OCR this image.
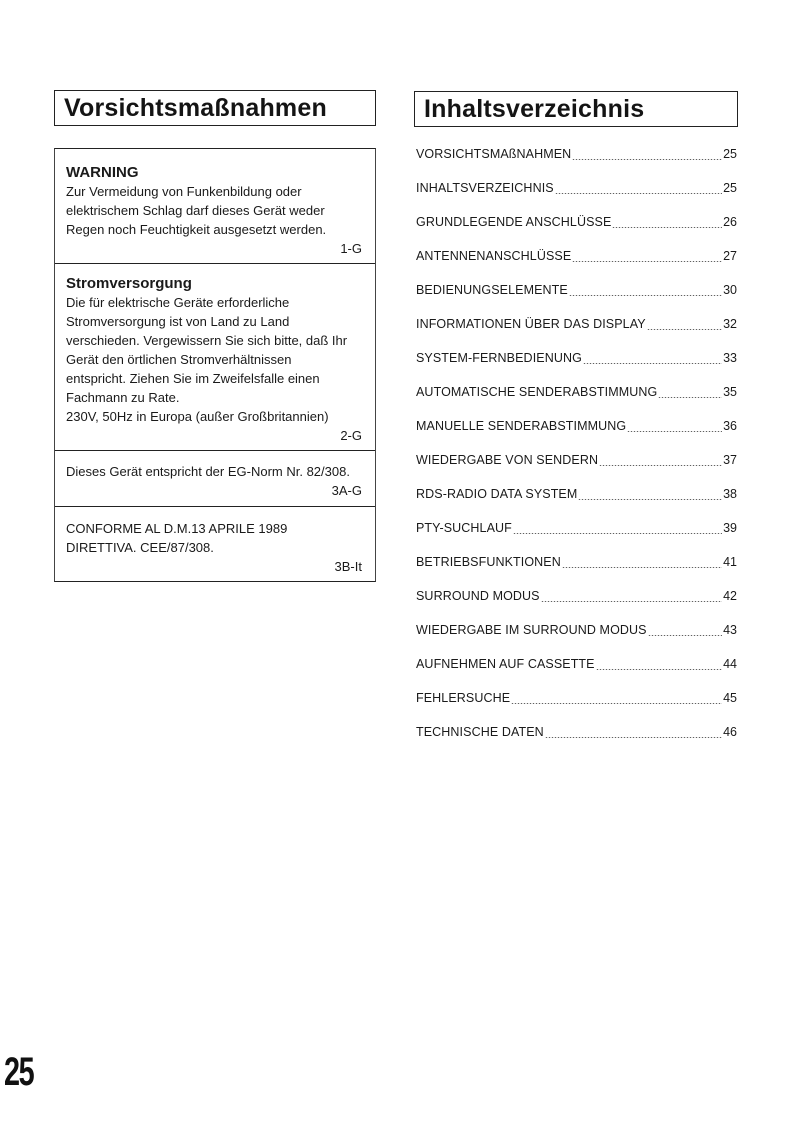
Vorsichtsmaßnahmen
WARNING
Zur Vermeidung von Funkenbildung oder
elektrischem Schlag darf dieses Gerät weder
Regen noch Feuchtigkeit ausgesetzt werden.
1-G
Stromversorgung
Die für elektrische Geräte erforderliche
Stromversorgung ist von Land zu Land
verschieden. Vergewissern Sie sich bitte, daß Ihr
Gerät den örtlichen Stromverhältnissen
entspricht. Ziehen Sie im Zweifelsfalle einen
Fachmann zu Rate.
230V, 50Hz in Europa (außer Großbritannien)
2-G
Dieses Gerät entspricht der EG-Norm Nr. 82/308.
3A-G
CONFORME AL D.M.13 APRILE 1989
DIRETTIVA. CEE/87/308.
3B-It
Inhaltsverzeichnis
VORSICHTSMAßNAHMEN	25
INHALTSVERZEICHNIS	25
GRUNDLEGENDE ANSCHLÜSSE	26
ANTENNENANSCHLÜSSE	27
BEDIENUNGSELEMENTE	30
INFORMATIONEN ÜBER DAS DISPLAY	32
SYSTEM-FERNBEDIENUNG	33
AUTOMATISCHE SENDERABSTIMMUNG	35
MANUELLE SENDERABSTIMMUNG	36
WIEDERGABE VON SENDERN	37
RDS-RADIO DATA SYSTEM	38
PTY-SUCHLAUF	39
BETRIEBSFUNKTIONEN	41
SURROUND MODUS	42
WIEDERGABE IM SURROUND MODUS	43
AUFNEHMEN AUF CASSETTE	44
FEHLERSUCHE	45
TECHNISCHE DATEN	46
25
